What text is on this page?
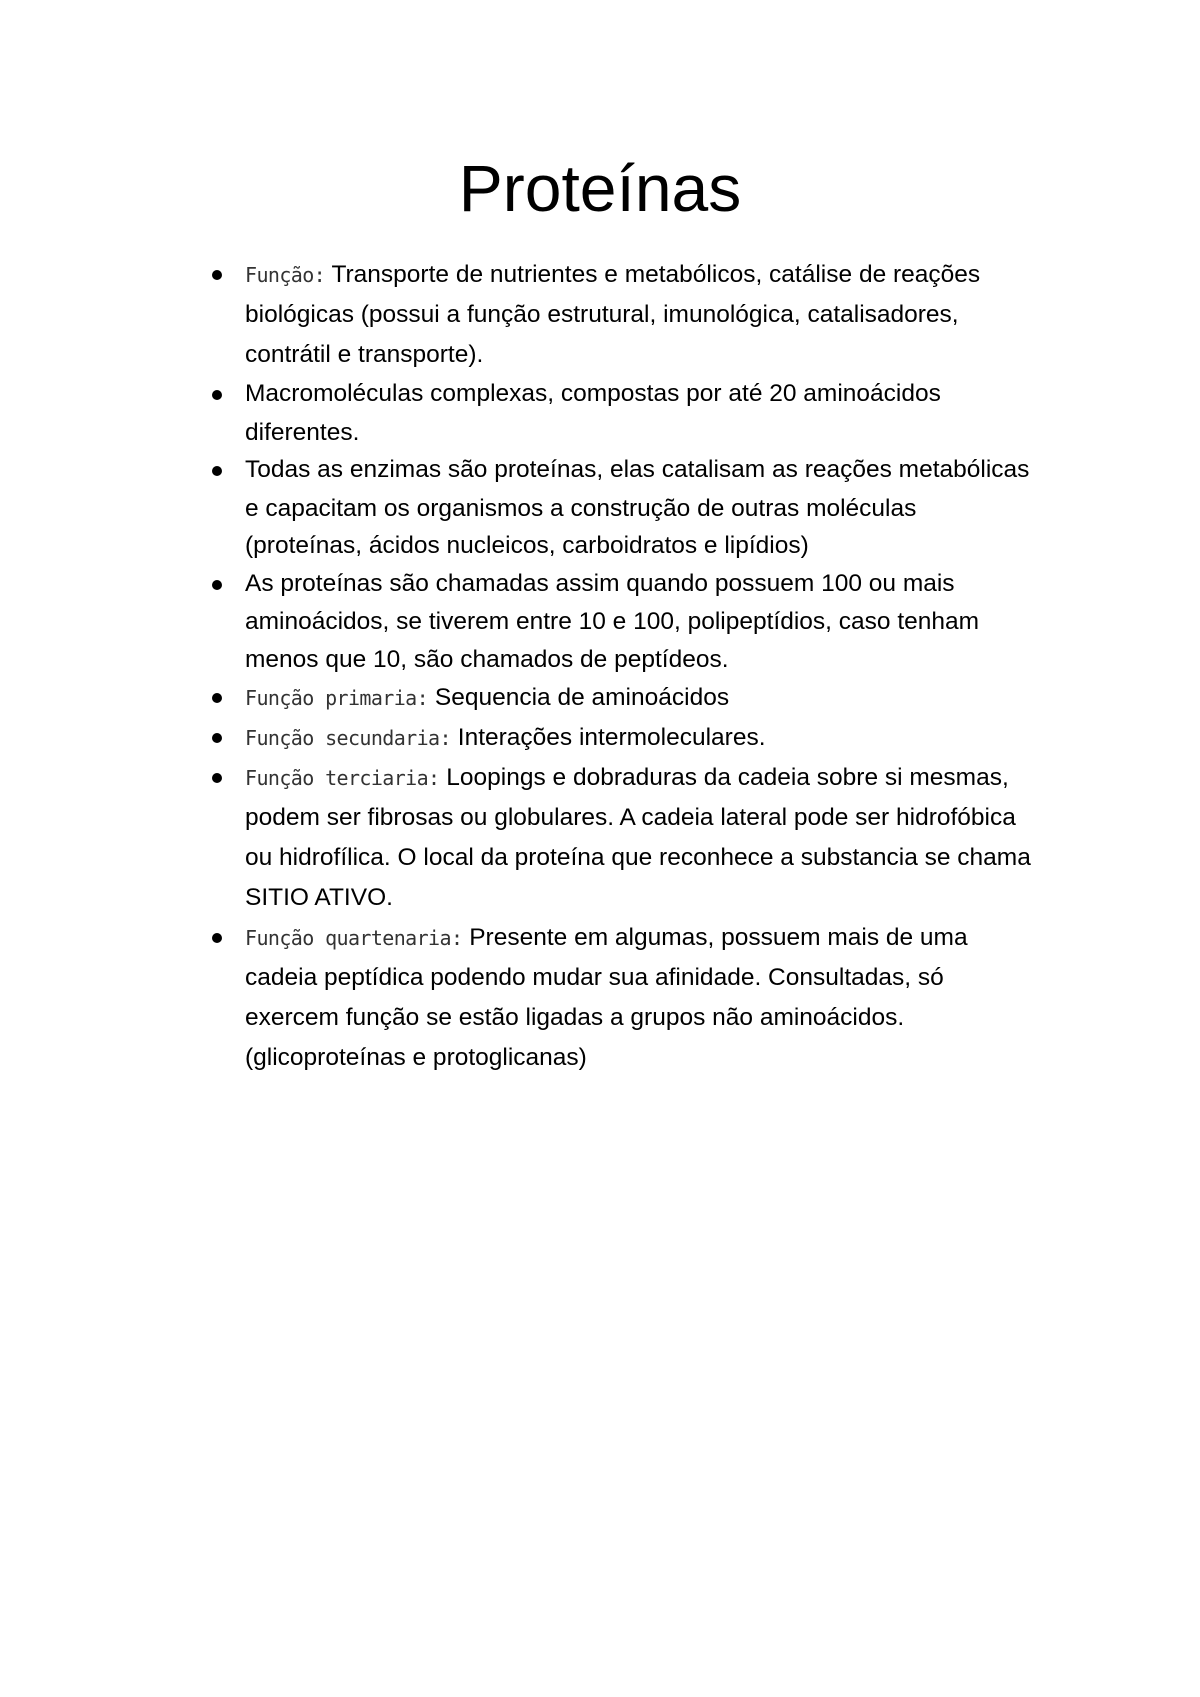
Proteínas
Função: Transporte de nutrientes e metabólicos, catálise de reações biológicas (possui a função estrutural, imunológica, catalisadores, contrátil e transporte).
Macromoléculas complexas, compostas por até 20 aminoácidos diferentes.
Todas as enzimas são proteínas, elas catalisam as reações metabólicas e capacitam os organismos a construção de outras moléculas (proteínas, ácidos nucleicos, carboidratos e lipídios)
As proteínas são chamadas assim quando possuem 100 ou mais aminoácidos, se tiverem entre 10 e 100, polipeptídios, caso tenham menos que 10, são chamados de peptídeos.
Função primaria: Sequencia de aminoácidos
Função secundaria: Interações intermoleculares.
Função terciaria: Loopings e dobraduras da cadeia sobre si mesmas, podem ser fibrosas ou globulares. A cadeia lateral pode ser hidrofóbica ou hidrofílica. O local da proteína que reconhece a substancia se chama SITIO ATIVO.
Função quartenaria: Presente em algumas, possuem mais de uma cadeia peptídica podendo mudar sua afinidade. Consultadas, só exercem função se estão ligadas a grupos não aminoácidos. (glicoproteínas e protoglicanas)
